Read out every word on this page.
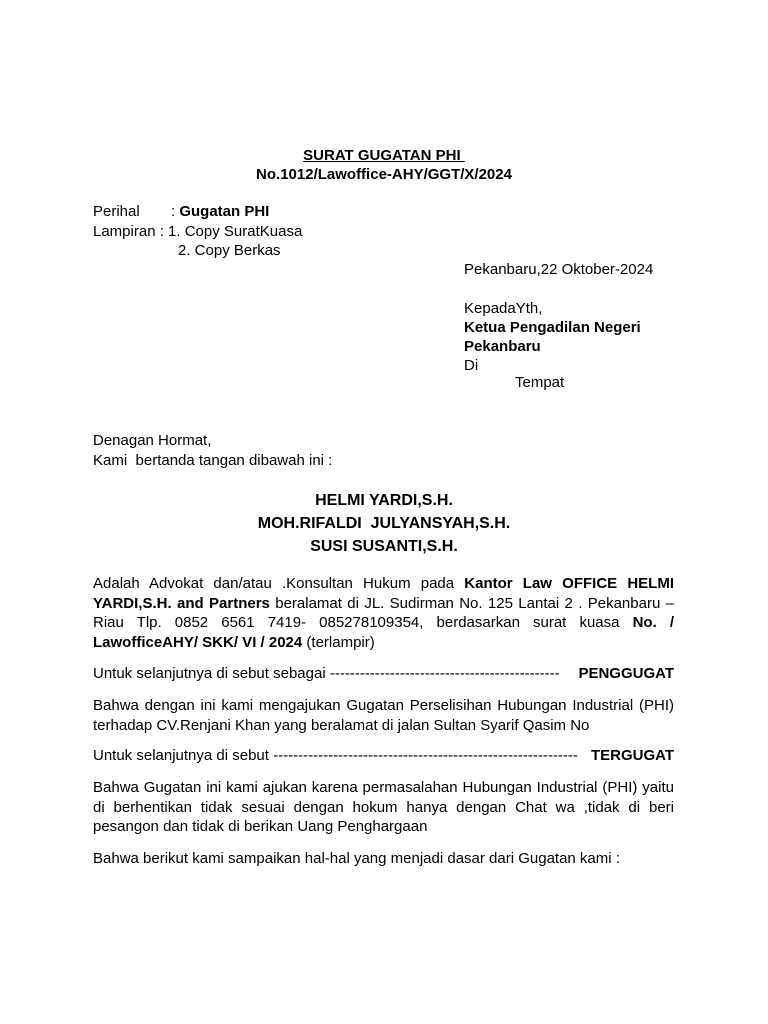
SURAT GUGATAN PHI
No.1012/Lawoffice-AHY/GGT/X/2024
Perihal : Gugatan PHI
Lampiran : 1. Copy SuratKuasa
2. Copy Berkas
Pekanbaru,22 Oktober-2024
KepadaYth,
Ketua Pengadilan Negeri
Pekanbaru
Di
Tempat
Denagan Hormat,
Kami  bertanda tangan dibawah ini :
HELMI YARDI,S.H.
MOH.RIFALDI  JULYANSYAH,S.H.
SUSI SUSANTI,S.H.
Adalah Advokat dan/atau .Konsultan Hukum pada Kantor Law OFFICE HELMI YARDI,S.H. and Partners beralamat di JL. Sudirman No. 125 Lantai 2 . Pekanbaru – Riau Tlp. 0852 6561 7419- 085278109354, berdasarkan surat kuasa No. / LawofficeAHY/ SKK/ VI / 2024 (terlampir)
Untuk selanjutnya di sebut sebagai ----------------------------------------------	PENGGUGAT
Bahwa dengan ini kami mengajukan Gugatan Perselisihan Hubungan Industrial (PHI) terhadap CV.Renjani Khan yang beralamat di jalan Sultan Syarif Qasim No
Untuk selanjutnya di sebut ------------------------------------------------------------- TERGUGAT
Bahwa Gugatan ini kami ajukan karena permasalahan Hubungan Industrial (PHI) yaitu di berhentikan tidak sesuai dengan hokum hanya dengan Chat wa ,tidak di beri pesangon dan tidak di berikan Uang Penghargaan
Bahwa berikut kami sampaikan hal-hal yang menjadi dasar dari Gugatan kami :
